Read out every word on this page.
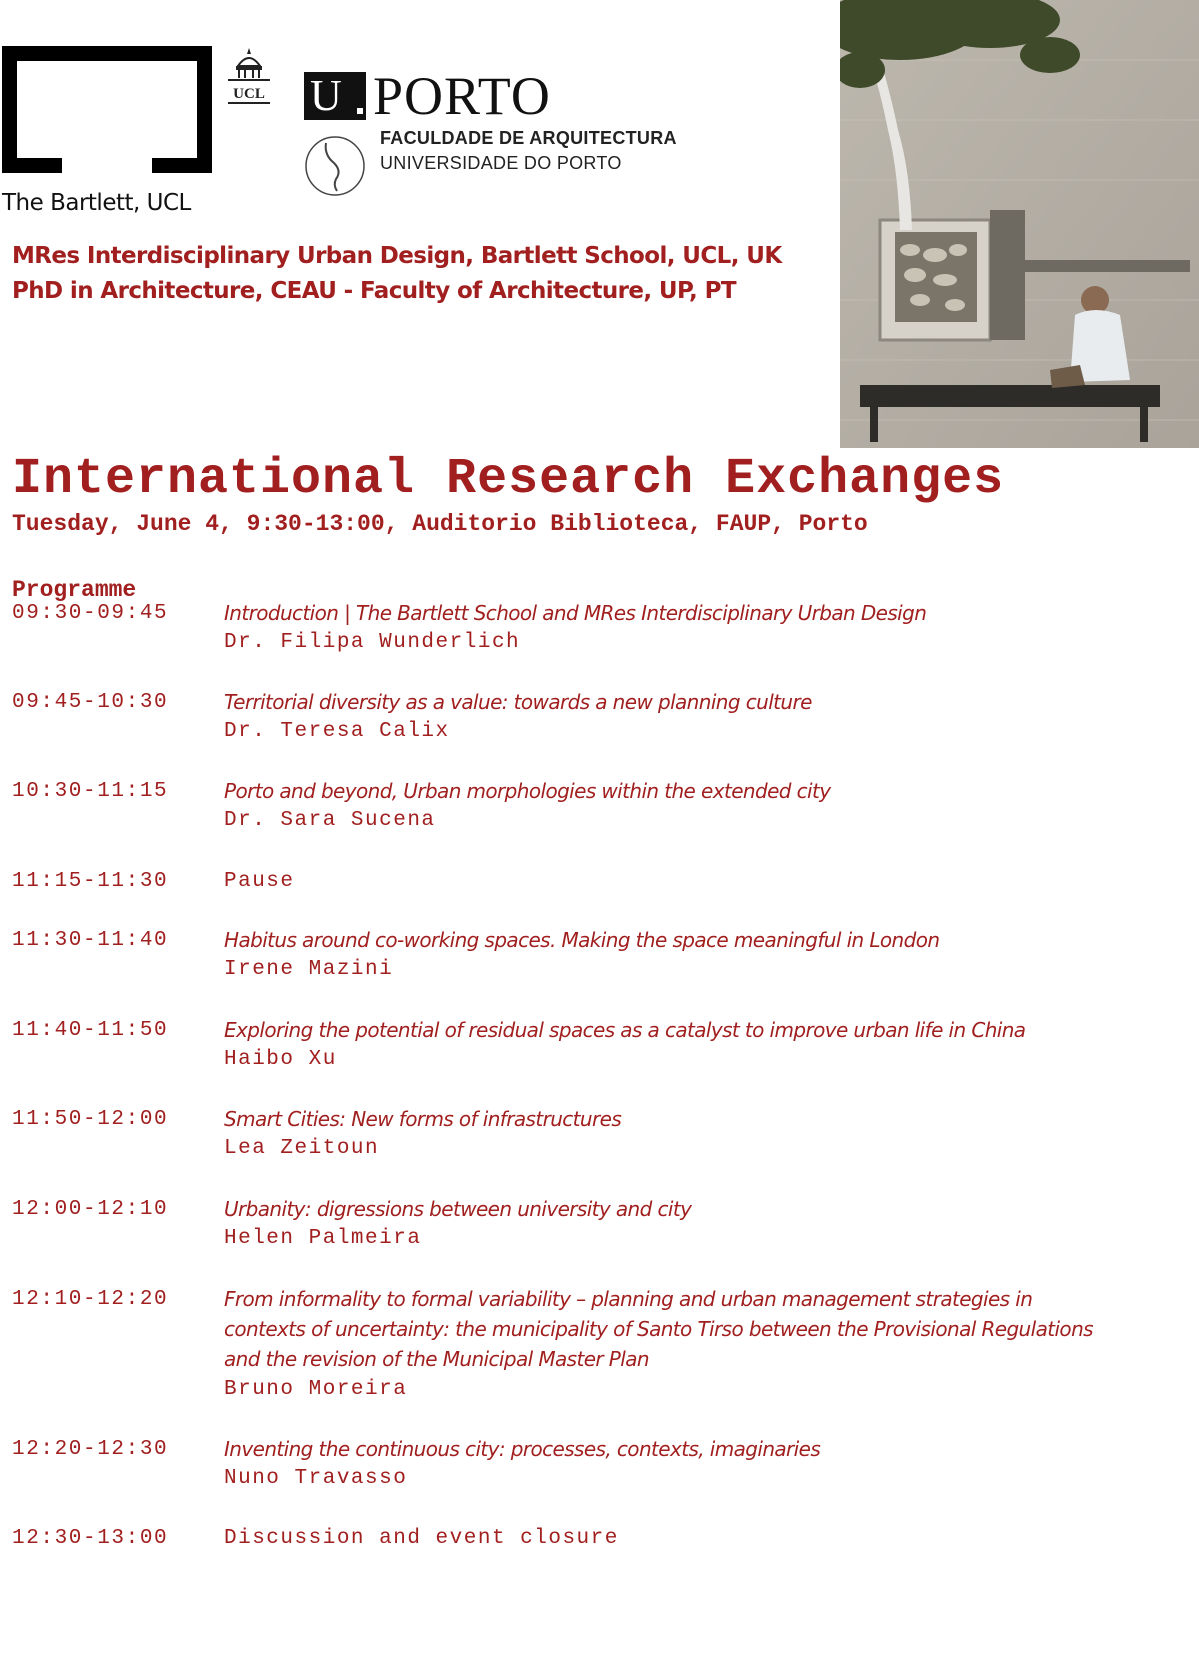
The Bartlett, UCL
UCL U PORTO
FACULDADE DE ARQUITECTURA
UNIVERSIDADE DO PORTO
MRes Interdisciplinary Urban Design, Bartlett School, UCL, UK
PhD in Architecture, CEAU - Faculty of Architecture, UP, PT
International Research Exchanges
Tuesday, June 4, 9:30-13:00, Auditorio Biblioteca, FAUP, Porto
Programme
09:30-09:45	Introduction | The Bartlett School and MRes Interdisciplinary Urban Design
Dr. Filipa Wunderlich
09:45-10:30	Territorial diversity as a value: towards a new planning culture
Dr. Teresa Calix
10:30-11:15	Porto and beyond, Urban morphologies within the extended city
Dr. Sara Sucena
11:15-11:30	Pause
11:30-11:40	Habitus around co-working spaces. Making the space meaningful in London
Irene Mazini
11:40-11:50	Exploring the potential of residual spaces as a catalyst to improve urban life in China
Haibo Xu
11:50-12:00	Smart Cities: New forms of infrastructures
Lea Zeitoun
12:00-12:10	Urbanity: digressions between university and city
Helen Palmeira
12:10-12:20	From informality to formal variability – planning and urban management strategies in
contexts of uncertainty: the municipality of Santo Tirso between the Provisional Regulations
and the revision of the Municipal Master Plan
Bruno Moreira
12:20-12:30	Inventing the continuous city: processes, contexts, imaginaries
Nuno Travasso
12:30-13:00	Discussion and event closure
